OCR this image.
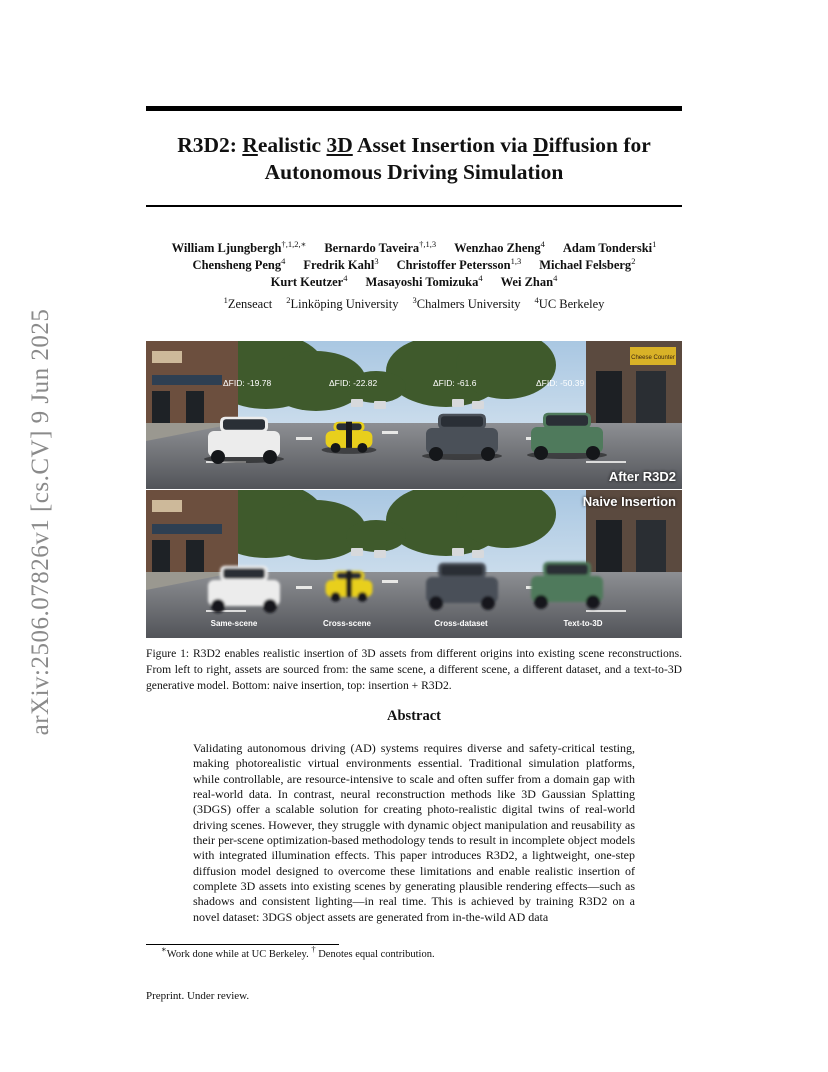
arXiv:2506.07826v1 [cs.CV] 9 Jun 2025
R3D2: Realistic 3D Asset Insertion via Diffusion for
Autonomous Driving Simulation
William Ljungbergh$^{\dagger,1,2,∗}$ Bernardo Taveira$^{\dagger,1,3}$ Wenzhao Zheng$^4$ Adam Tonderski$^1$
Chensheng Peng$^4$ Fredrik Kahl$^3$ Christoffer Petersson$^{1,3}$ Michael Felsberg$^2$
Kurt Keutzer$^4$ Masayoshi Tomizuka$^4$ Wei Zhan$^4$
$^1$Zenseact $^2$Linköping University $^3$Chalmers University $^4$UC Berkeley
Cheese Counter
ΔFID: -19.78	ΔFID: -22.82	ΔFID: -61.6	ΔFID: -50.39
After R3D2
Naive Insertion
Same-scene	Cross-scene	Cross-dataset	Text-to-3D
Figure 1: R3D2 enables realistic insertion of 3D assets from different origins into existing scene reconstructions. From left to right, assets are sourced from: the same scene, a different scene, a different dataset, and a text-to-3D generative model. Bottom: naive insertion, top: insertion + R3D2.
Abstract
Validating autonomous driving (AD) systems requires diverse and safety-critical testing, making photorealistic virtual environments essential. Traditional simulation platforms, while controllable, are resource-intensive to scale and often suffer from a domain gap with real-world data. In contrast, neural reconstruction methods like 3D Gaussian Splatting (3DGS) offer a scalable solution for creating photo-realistic digital twins of real-world driving scenes. However, they struggle with dynamic object manipulation and reusability as their per-scene optimization-based methodology tends to result in incomplete object models with integrated illumination effects. This paper introduces R3D2, a lightweight, one-step diffusion model designed to overcome these limitations and enable realistic insertion of complete 3D assets into existing scenes by generating plausible rendering effects—such as shadows and consistent lighting—in real time. This is achieved by training R3D2 on a novel dataset: 3DGS object assets are generated from in-the-wild AD data
∗Work done while at UC Berkeley. † Denotes equal contribution.
Preprint. Under review.
